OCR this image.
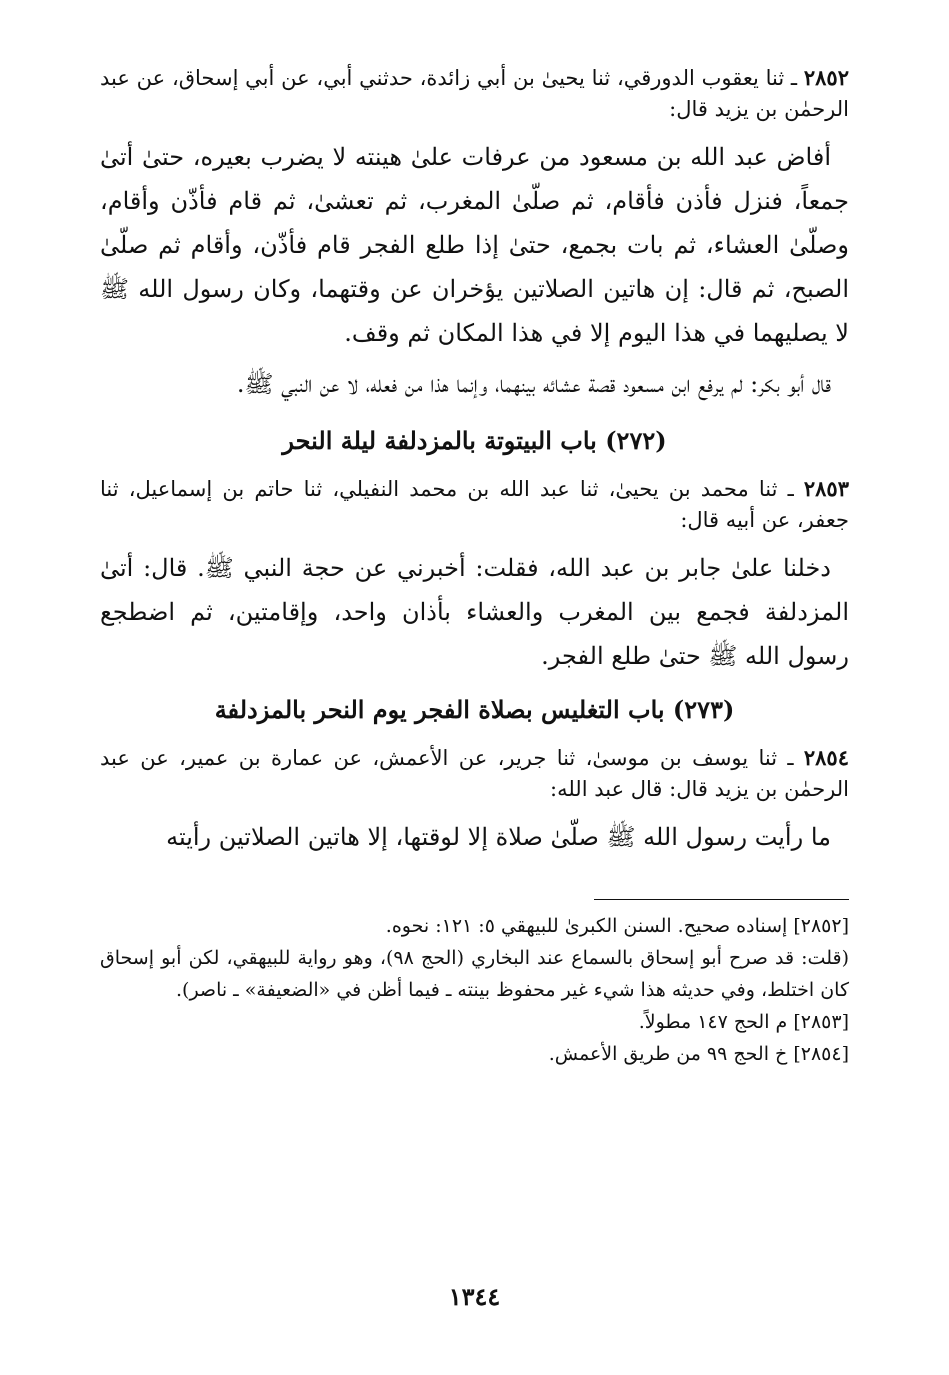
٢٨٥٢ ـ ثنا يعقوب الدورقي، ثنا يحيىٰ بن أبي زائدة، حدثني أبي، عن أبي إسحاق، عن عبد الرحمٰن بن يزيد قال:

أفاض عبد الله بن مسعود من عرفات علىٰ هينته لا يضرب بعيره، حتىٰ أتىٰ جمعاً، فنزل فأذن فأقام، ثم صلّىٰ المغرب، ثم تعشىٰ، ثم قام فأذّن وأقام، وصلّىٰ العشاء، ثم بات بجمع، حتىٰ إذا طلع الفجر قام فأذّن، وأقام ثم صلّىٰ الصبح، ثم قال: إن هاتين الصلاتين يؤخران عن وقتهما، وكان رسول الله ﷺ لا يصليهما في هذا اليوم إلا في هذا المكان ثم وقف.

قال أبو بكر: لم يرفع ابن مسعود قصة عشائه بينهما، وإنما هذا من فعله، لا عن النبي ﷺ.

(٢٧٢) باب البيتوتة بالمزدلفة ليلة النحر

٢٨٥٣ ـ ثنا محمد بن يحيىٰ، ثنا عبد الله بن محمد النفيلي، ثنا حاتم بن إسماعيل، ثنا جعفر، عن أبيه قال:

دخلنا علىٰ جابر بن عبد الله، فقلت: أخبرني عن حجة النبي ﷺ. قال: أتىٰ المزدلفة فجمع بين المغرب والعشاء بأذان واحد، وإقامتين، ثم اضطجع رسول الله ﷺ حتىٰ طلع الفجر.

(٢٧٣) باب التغليس بصلاة الفجر يوم النحر بالمزدلفة

٢٨٥٤ ـ ثنا يوسف بن موسىٰ، ثنا جرير، عن الأعمش، عن عمارة بن عمير، عن عبد الرحمٰن بن يزيد قال: قال عبد الله:

ما رأيت رسول الله ﷺ صلّىٰ صلاة إلا لوقتها، إلا هاتين الصلاتين رأيته

[٢٨٥٢] إسناده صحيح. السنن الكبرىٰ للبيهقي ٥: ١٢١: نحوه.

(قلت: قد صرح أبو إسحاق بالسماع عند البخاري (الحج ٩٨)، وهو رواية للبيهقي، لكن أبو إسحاق كان اختلط، وفي حديثه هذا شيء غير محفوظ بينته ـ فيما أظن في «الضعيفة» ـ ناصر).

[٢٨٥٣] م الحج ١٤٧ مطولاً.

[٢٨٥٤] خ الحج ٩٩ من طريق الأعمش.

١٣٤٤
